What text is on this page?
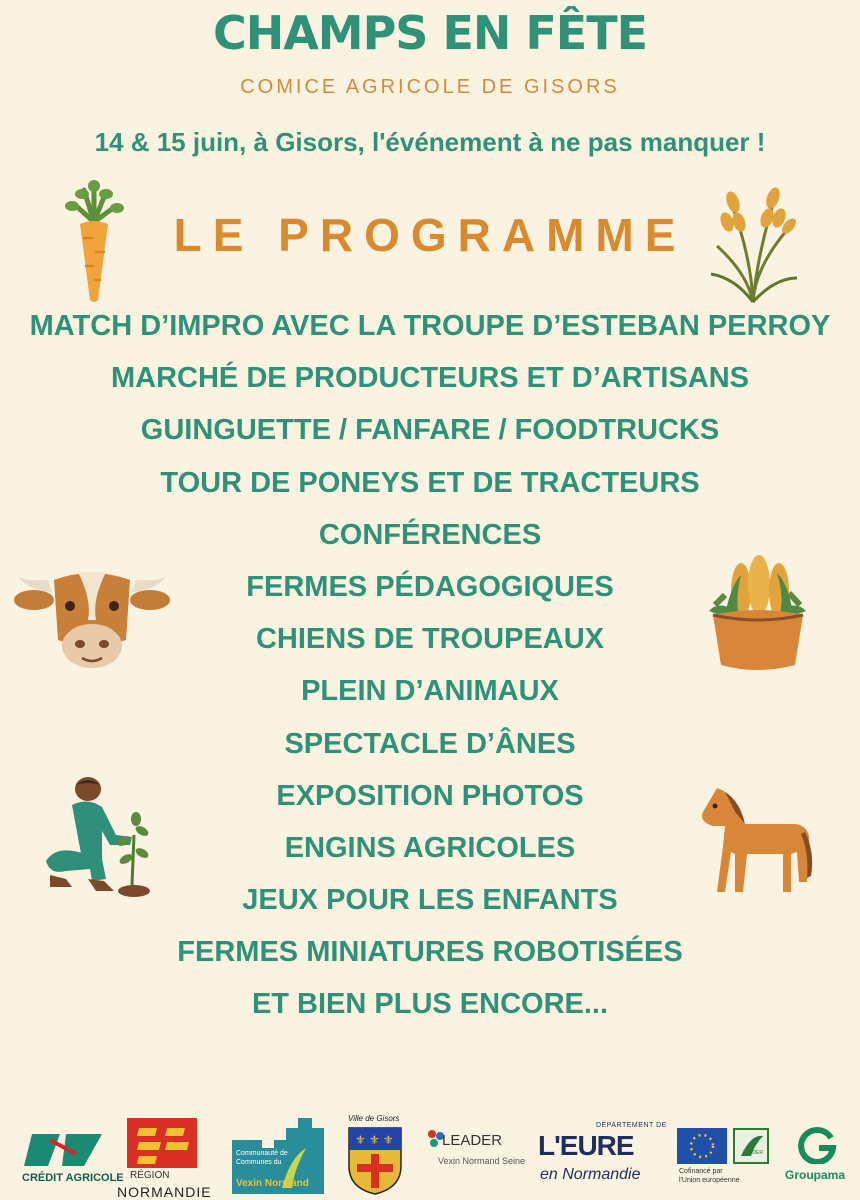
CHAMPS EN FÊTE
COMICE AGRICOLE DE GISORS
14 & 15 juin, à Gisors, l'événement à ne pas manquer !
LE PROGRAMME
MATCH D’IMPRO AVEC LA TROUPE D’ESTEBAN PERROY
MARCHÉ DE PRODUCTEURS ET D’ARTISANS
GUINGUETTE / FANFARE / FOODTRUCKS
TOUR DE PONEYS ET DE TRACTEURS
CONFÉRENCES
FERMES PÉDAGOGIQUES
CHIENS DE TROUPEAUX
PLEIN D’ANIMAUX
SPECTACLE D’ÂNES
EXPOSITION PHOTOS
ENGINS AGRICOLES
JEUX POUR LES ENFANTS
FERMES MINIATURES ROBOTISÉES
ET BIEN PLUS ENCORE...
CRÉDIT AGRICOLE RÉGION
NORMANDIE
Communauté de
Communes du
Vexin Normand
Ville de Gisors
⚜ ⚜ ⚜	LEADER
Vexin Normand Seine
DÉPARTEMENT DE
L'EURE
en Normandie
LEADER
Cofinancé par
l'Union européenne	Groupama
